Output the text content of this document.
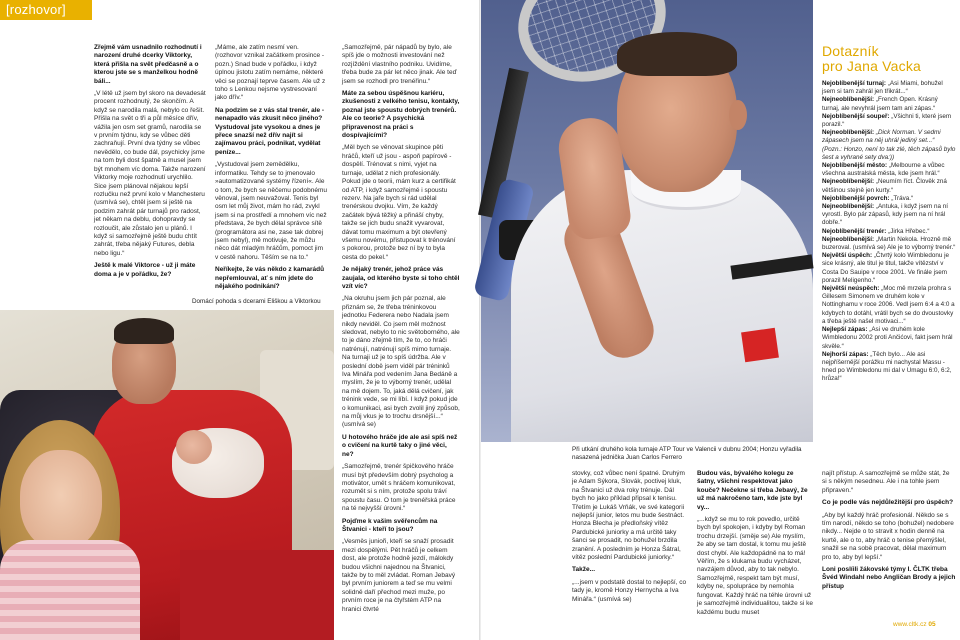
[rozhovor]

Zřejmě vám usnadnilo rozhodnutí i narození druhé dcerky Viktorky, která přišla na svět předčasně a o kterou jste se s manželkou hodně báli...

„V létě už jsem byl skoro na devadesát procent rozhodnutý, že skončím. A když se narodila malá, nebylo co řešit. Přišla na svět o tři a půl měsíce dřív, vážila jen osm set gramů, narodila se v prvním týdnu, kdy se vůbec děti zachraňují. První dva týdny se vůbec nevědělo, co bude dál, psychicky jsme na tom byli dost špatně a musel jsem být mnohem víc doma. Takže narození Viktorky moje rozhodnutí urychlilo. Sice jsem plánoval nějakou lepší rozlučku než první kolo v Manchesteru (usmívá se), chtěl jsem si ještě na podzim zahrát pár turnajů pro radost, jet někam na deblu, dohopravdy se rozloučit, ale zůstalo jen u plánů. I když si samozřejmě ještě budu chtít zahrát, třeba nějaký Futures, debla nebo ligu.“

Ještě k malé Viktorce - už ji máte doma a je v pořádku, že?

„Máme, ale zatím nesmí ven. (rozhovor vznikal začátkem prosince - pozn.) Snad bude v pořádku, i když úplnou jistotu zatím nemáme, některé věci se poznají teprve časem. Ale už z toho s Lenkou nejsme vystresovaní jako dřív.“

Na podzim se z vás stal trenér, ale - nenapadlo vás zkusit něco jiného? Vystudoval jste vysokou a dnes je přece snazší než dřív najít si zajímavou práci, podnikat, vydělat peníze...

„Vystudoval jsem zemědělku, informatiku. Tehdy se to jmenovalo »automatizované systémy řízení«. Ale o tom, že bych se něčemu podobnému věnoval, jsem neuvažoval. Tenis byl osm let můj život, mám ho rád, zvykl jsem si na prostředí a mnohem víc než představa, že bych dělal správce sítě (programátora asi ne, zase tak dobrej jsem nebyl), mě motivuje, že můžu něco dát mladým hráčům, pomoct jim v cestě nahoru. Těším se na to.“

Neříkejte, že vás někdo z kamarádů nepřemlouval, ať s ním jdete do nějakého podnikání?

Domácí pohoda s dcerami Eliškou a Viktorkou

„Samozřejmě, pár nápadů by bylo, ale spíš jde o možnosti investování než rozjíždění vlastního podniku. Uvidíme, třeba bude za pár let něco jinak. Ale teď jsem se rozhodl pro trenéřinu.“

Máte za sebou úspěšnou kariéru, zkušenosti z velkého tenisu, kontakty, poznal jste spoustu dobrých trenérů. Ale co teorie? A psychická připravenost na práci s dospívajícími?

„Měl bych se věnovat skupince pěti hráčů, kteří už jsou - aspoň papírově - dospělí. Trénovat s nimi, vyjet na turnaje, udělat z nich profesionály. Pokud jde o teorii, mám kurz a certifikát od ATP, i když samozřejmě i spoustu rezerv. Na jaře bych si rád udělal trenérskou dvojku. Vím, že každý začátek bývá těžký a přináší chyby, takže se jich budu snažit vyvarovat, dávat tomu maximum a být otevřený všemu novému, přistupovat k trénování s pokorou, protože bez ní by to byla cesta do pekel.“

Je nějaký trenér, jehož práce vás zaujala, od kterého byste si toho chtěl vzít víc?

„Na okruhu jsem jich pár poznal, ale přiznám se, že třeba tréninkovou jednotku Federera nebo Nadala jsem nikdy neviděl. Co jsem měl možnost sledovat, nebylo to nic světoborného, ale to je dáno zřejmě tím, že to, co hráči natrénují, natrénují spíš mimo turnaje. Na turnaji už je to spíš údržba. Ale v poslední době jsem viděl pár tréninků Iva Minářa pod vedením Jana Bedáně a myslím, že je to výborný trenér, udělal na mě dojem. To, jaká dělá cvičení, jak trénink vede, se mi líbí. I když pokud jde o komunikaci, asi bych zvolil jiný způsob, na můj vkus je to trochu drsnější...“ (usmívá se)

U hotového hráče jde ale asi spíš než o cvičení na kurtě taky o jiné věci, ne?

„Samozřejmě, trenér špičkového hráče musí být především dobrý psycholog a motivátor, umět s hráčem komunikovat, rozumět si s ním, protože spolu tráví spoustu času. O tom je trenéřská práce na té nejvyšší úrovni.“

Pojďme k vašim svěřencům na Štvanici - kteří to jsou?

„Vesměs junioři, kteří se snaží prosadit mezi dospělými. Pět hráčů je celkem dost, ale protože hodně jezdí, málokdy budou všichni najednou na Štvanici, takže by to měl zvládat. Roman Jebavý byl prvním juniorem a teď se mu velmi solidně daří přechod mezi muže, po prvním roce je na čtyřstém ATP na hranici čtvrté

Při utkání druhého kola turnaje ATP Tour ve Valencii v dubnu 2004; Honzu vyřadila nasazená jednička Juan Carlos Ferrero

stovky, což vůbec není špatné. Druhým je Adam Sýkora, Slovák, poctivej kluk, na Štvanici už dva roky trénuje. Dál bych ho jako příklad připsal k tenisu. Třetím je Lukáš Vrňák, ve své kategorii nejlepší junior, letos mu bude šestnáct. Honza Blecha je předloňský vítěz Pardubické juniorky a má určitě taky šanci se prosadit, no bohužel brzdila zranění. A posledním je Honza Šátral, vítěz poslední Pardubické juniorky.“

Takže...

„...jsem v podstatě dostal to nejlepší, co tady je, kromě Honzy Hernycha a Iva Minářa.“ (usmívá se)

Budou vás, bývalého kolegu ze šatny, všichni respektovat jako kouče? Nečekne si třeba Jebavý, že už má nakročeno tam, kde jste byl vy...

„...když se mu to rok povedlo, určitě bych byl spokojen, i kdyby byl Roman trochu drzejší. (směje se) Ale myslím, že aby se tam dostal, k tomu mu ještě dost chybí. Ale každopádně na to má! Věřím, že s klukama budu vycházet, navzájem důvod, aby to tak nebylo. Samozřejmě, respekt tam být musí, kdyby ne, spolupráce by nemohla fungovat. Každý hráč na téhle úrovni už je samozřejmě individualitou, takže si ke každému budu muset

najít přístup. A samozřejmě se může stát, že si s někým nesedneu. Ale i na tohle jsem připraven.“

Co je podle vás nejdůležitější pro úspěch?

„Aby byl každý hráč profesionál. Někdo se s tím narodí, někdo se toho (bohužel) nedobere nikdy... Nejde o to stravit x hodin denně na kurtě, ale o to, aby hráč o tenise přemýšlel, snažil se na sobě pracovat, dělal maximum pro to, aby byl lepší.“

Loni poslíili žákovské týmy I. ČLTK třeba Švéd Windahl nebo Angličan Brody a jejich přístup

Dotazník
pro Jana Vacka
Nejoblíbenější turnaj: „Asi Miami, bohužel jsem si tam zahrál jen třikrát...“
Nejneoblíbenější: „French Open. Krásný turnaj, ale nevyhrál jsem tam ani zápas.“
Nejoblíbenější soupeř: „Všichni ti, které jsem porazil.“
Nejneoblíbenější: „Dick Norman. V sedmi zápasech jsem na něj uhrál jediný set...“ (Pozn.: Honzo, není to tak zlé, těch zápasů bylo šest a vyhrané sety dva:))
Nejoblíbenější město: „Melbourne a vůbec všechna australská města, kde jsem hrál.“
Nejneoblíbenější: „Neumím říct. Člověk zná většinou stejně jen kurty.“
Nejoblíbenější povrch: „Tráva.“
Nejneoblíbenější: „Antuka, i když jsem na ní vyrostl. Bylo pár zápasů, kdy jsem na ní hrál dobře.“
Nejoblíbenější trenér: „Jirka Hřebec.“
Nejneoblíbenější: „Martin Nekola. Hrozně mě buzeroval. (usmívá se) Ale je to výborný trenér.“
Největší úspěch: „Čtvrtý kolo Wimbledonu je sice krásný, ale titul je titul, takže vítězství v Costa Do Sauipe v roce 2001. Ve finále jsem porazil Meligenho.“
Největší neúspěch: „Moc mě mrzela prohra s Gillesem Simonem ve druhém kole v Nottinghamu v roce 2006. Vedl jsem 6:4 a 4:0 a kdybych to dotáhl, vrátil bych se do dvoustovky a třeba ještě našel motivaci...“
Nejlepší zápas: „Asi ve druhém kole Wimbledonu 2002 proti Ančićovi, fakt jsem hrál skvěle.“
Nejhorší zápas: „Těch bylo... Ale asi nejpříšernější porážku mi nachystal Massu - hned po Wimbledonu mi dal v Umagu 6:0, 6:2, hrůza!“
www.cltk.cz 05
